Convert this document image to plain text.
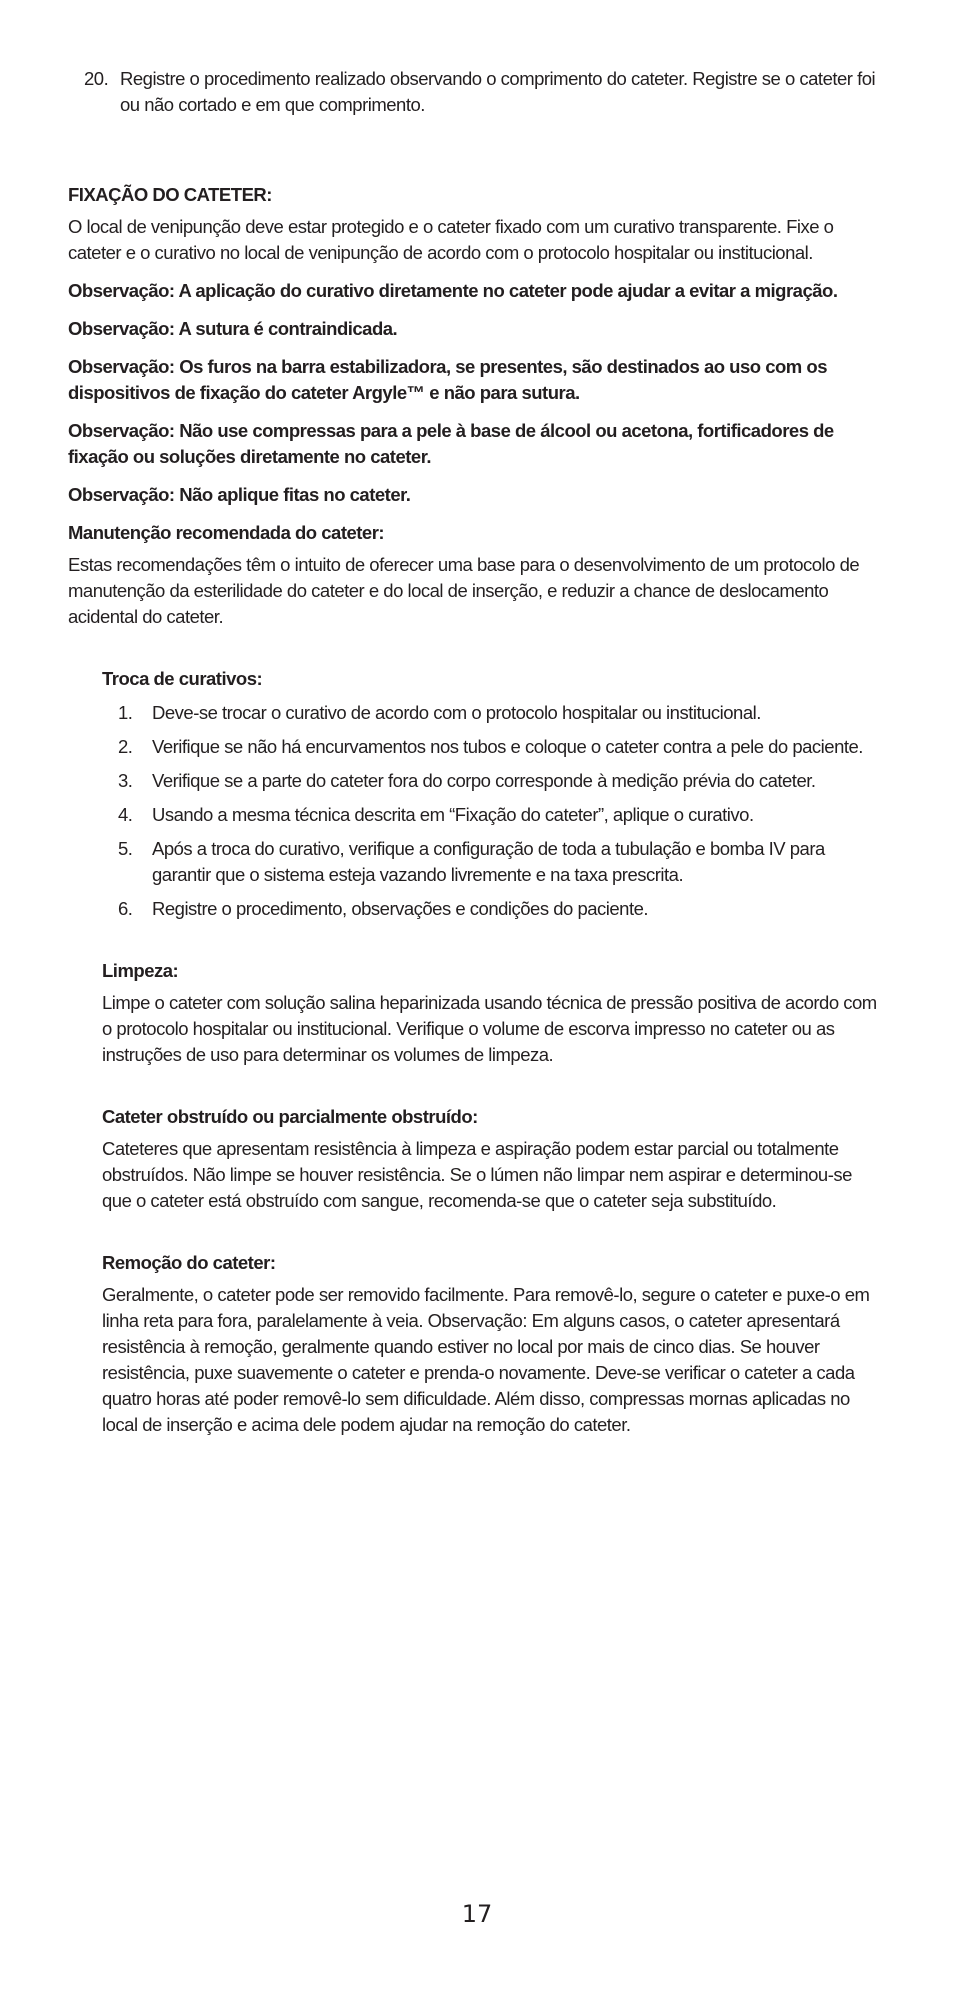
20. Registre o procedimento realizado observando o comprimento do cateter. Registre se o cateter foi ou não cortado e em que comprimento.

FIXAÇÃO DO CATETER:

O local de venipunção deve estar protegido e o cateter fixado com um curativo transparente. Fixe o cateter e o curativo no local de venipunção de acordo com o protocolo hospitalar ou institucional.

Observação: A aplicação do curativo diretamente no cateter pode ajudar a evitar a migração.

Observação: A sutura é contraindicada.

Observação: Os furos na barra estabilizadora, se presentes, são destinados ao uso com os dispositivos de fixação do cateter Argyle™ e não para sutura.

Observação: Não use compressas para a pele à base de álcool ou acetona, fortificadores de fixação ou soluções diretamente no cateter.

Observação: Não aplique fitas no cateter.

Manutenção recomendada do cateter:

Estas recomendações têm o intuito de oferecer uma base para o desenvolvimento de um protocolo de manutenção da esterilidade do cateter e do local de inserção, e reduzir a chance de deslocamento acidental do cateter.

Troca de curativos:

1.	Deve-se trocar o curativo de acordo com o protocolo hospitalar ou institucional.
2.	Verifique se não há encurvamentos nos tubos e coloque o cateter contra a pele do paciente.
3.	Verifique se a parte do cateter fora do corpo corresponde à medição prévia do cateter.
4.	Usando a mesma técnica descrita em “Fixação do cateter”, aplique o curativo.
5.	Após a troca do curativo, verifique a configuração de toda a tubulação e bomba IV para garantir que o sistema esteja vazando livremente e na taxa prescrita.
6.	Registre o procedimento, observações e condições do paciente.

Limpeza:

Limpe o cateter com solução salina heparinizada usando técnica de pressão positiva de acordo com o protocolo hospitalar ou institucional. Verifique o volume de escorva impresso no cateter ou as instruções de uso para determinar os volumes de limpeza.

Cateter obstruído ou parcialmente obstruído:

Cateteres que apresentam resistência à limpeza e aspiração podem estar parcial ou totalmente obstruídos. Não limpe se houver resistência. Se o lúmen não limpar nem aspirar e determinou-se que o cateter está obstruído com sangue, recomenda-se que o cateter seja substituído.

Remoção do cateter:

Geralmente, o cateter pode ser removido facilmente. Para removê-lo, segure o cateter e puxe-o em linha reta para fora, paralelamente à veia. Observação: Em alguns casos, o cateter apresentará resistência à remoção, geralmente quando estiver no local por mais de cinco dias. Se houver resistência, puxe suavemente o cateter e prenda-o novamente. Deve-se verificar o cateter a cada quatro horas até poder removê-lo sem dificuldade. Além disso, compressas mornas aplicadas no local de inserção e acima dele podem ajudar na remoção do cateter.

17
